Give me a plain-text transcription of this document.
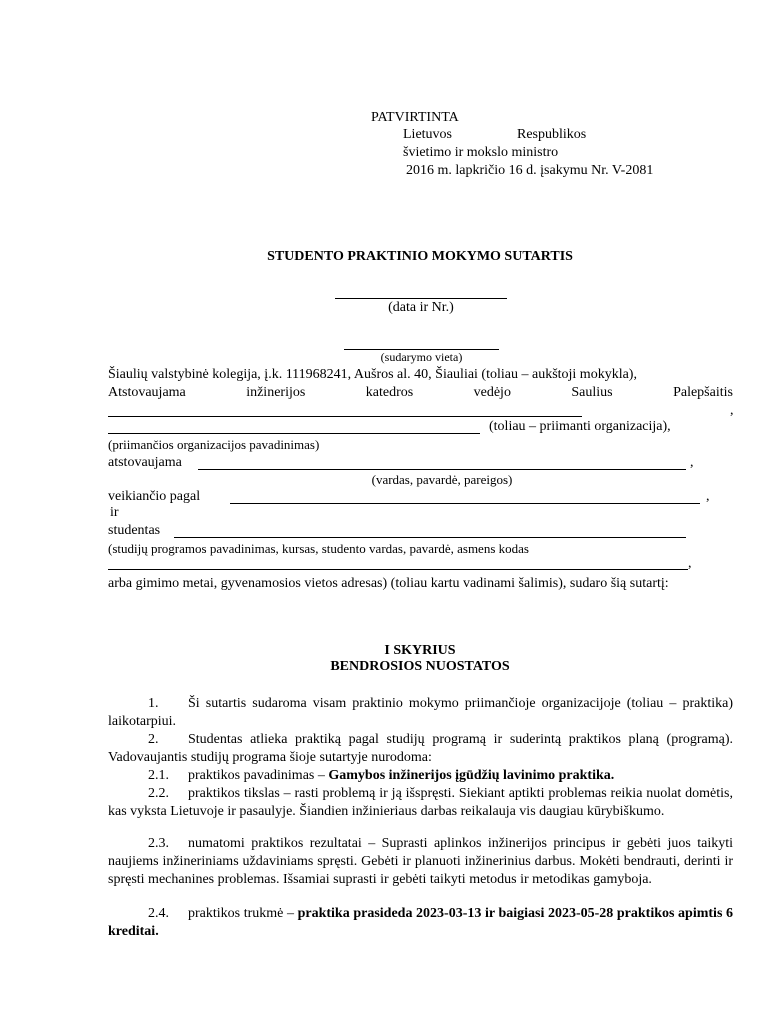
PATVIRTINTA
Lietuvos	Respublikos
švietimo ir mokslo ministro
2016 m. lapkričio 16 d. įsakymu Nr. V-2081
STUDENTO PRAKTINIO MOKYMO SUTARTIS
(data ir Nr.)
(sudarymo vieta)
Šiaulių valstybinė kolegija, į.k. 111968241, Aušros al. 40, Šiauliai (toliau – aukštoji mokykla),
Atstovaujama	inžinerijos	katedros	vedėjo	Saulius	Palepšaitis
,
(toliau – priimanti organizacija),
(priimančios organizacijos pavadinimas)
atstovaujama	,
(vardas, pavardė, pareigos)
veikiančio pagal	,
ir
studentas
(studijų programos pavadinimas, kursas, studento vardas, pavardė, asmens kodas
,
arba gimimo metai, gyvenamosios vietos adresas) (toliau kartu vadinami šalimis), sudaro šią sutartį:
I SKYRIUS
BENDROSIOS NUOSTATOS
1. Ši sutartis sudaroma visam praktinio mokymo priimančioje organizacijoje (toliau – praktika) laikotarpiui.
2. Studentas atlieka praktiką pagal studijų programą ir suderintą praktikos planą (programą). Vadovaujantis studijų programa šioje sutartyje nurodoma:
2.1. praktikos pavadinimas – Gamybos inžinerijos įgūdžių lavinimo praktika.
2.2. praktikos tikslas – rasti problemą ir ją išspręsti. Siekiant aptikti problemas reikia nuolat domėtis, kas vyksta Lietuvoje ir pasaulyje. Šiandien inžinieriaus darbas reikalauja vis daugiau kūrybiškumo.
2.3. numatomi praktikos rezultatai – Suprasti aplinkos inžinerijos principus ir gebėti juos taikyti naujiems inžineriniams uždaviniams spręsti. Gebėti ir planuoti inžinerinius darbus. Mokėti bendrauti, derinti ir spręsti mechanines problemas. Išsamiai suprasti ir gebėti taikyti metodus ir metodikas gamyboja.
2.4. praktikos trukmė – praktika prasideda 2023-03-13 ir baigiasi 2023-05-28 praktikos apimtis 6 kreditai.
